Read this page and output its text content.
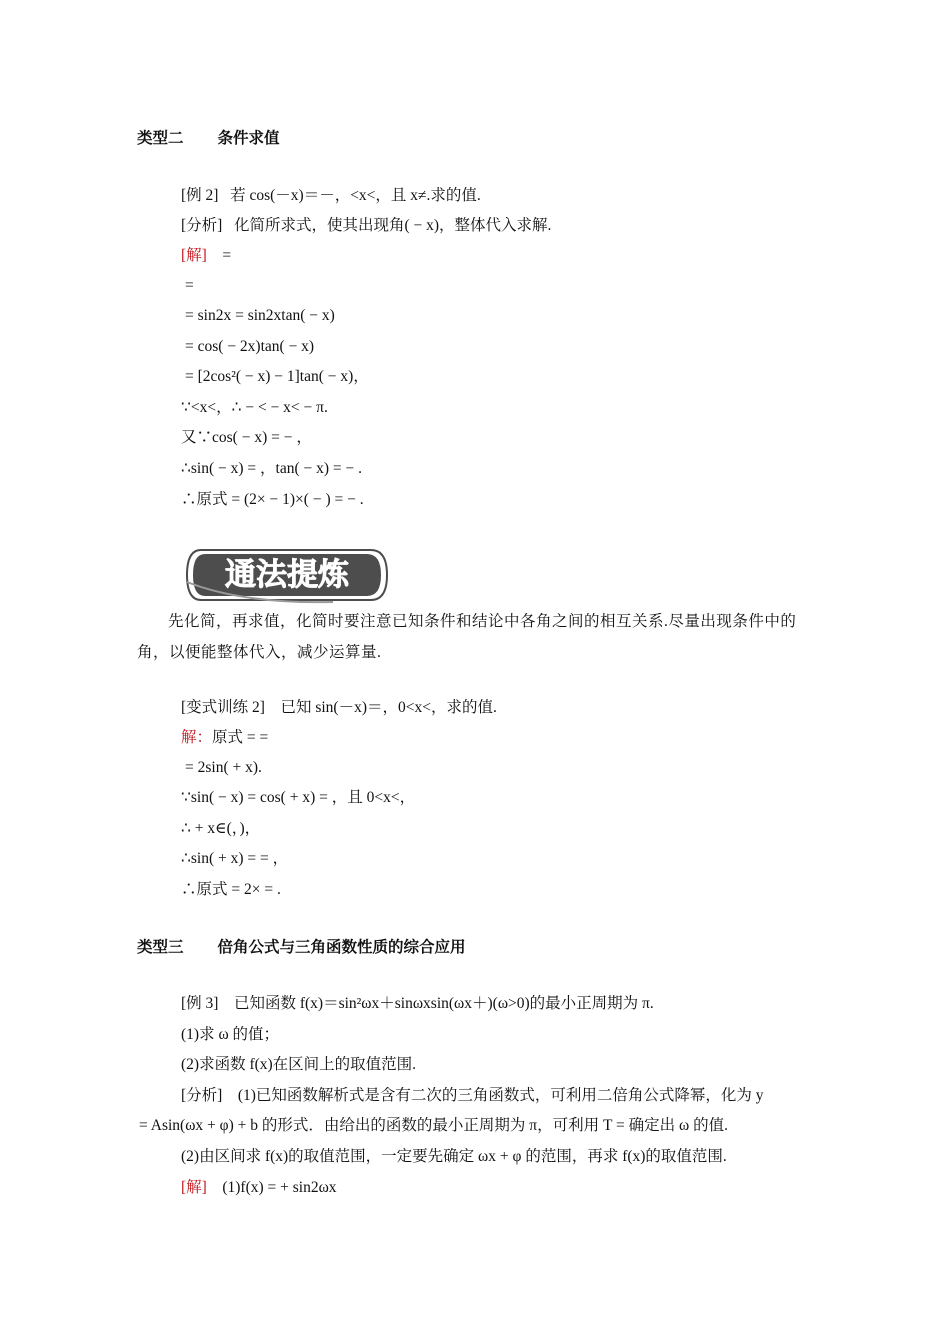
类型二 条件求值
[例 2] 若 cos(－x)＝－，<x<，且 x≠.求的值.
[分析] 化简所求式，使其出现角( − x)，整体代入求解.
[解] =
=
= sin2x = sin2xtan( − x)
= cos( − 2x)tan( − x)
= [2cos²( − x) − 1]tan( − x)，
∵<x<，∴ − < − x< − π.
又∵cos( − x) = − ，
∴sin( − x) = ，tan( − x) = − .
∴原式 = (2× − 1)×( − ) = − .
通法提炼
先化简，再求值，化简时要注意已知条件和结论中各角之间的相互关系.尽量出现条件中的角，以便能整体代入，减少运算量.
[变式训练 2] 已知 sin(－x)＝，0<x<，求的值.
解：原式 = =
= 2sin( + x).
∵sin( − x) = cos( + x) = ，且 0<x<，
∴ + x∈(，)，
∴sin( + x) = = ，
∴原式 = 2× = .
类型三 倍角公式与三角函数性质的综合应用
[例 3] 已知函数 f(x)＝sin²ωx＋sinωxsin(ωx＋)(ω>0)的最小正周期为 π.
(1)求 ω 的值；
(2)求函数 f(x)在区间上的取值范围.
[分析] (1)已知函数解析式是含有二次的三角函数式，可利用二倍角公式降幂，化为 y
= Asin(ωx + φ) + b 的形式．由给出的函数的最小正周期为 π，可利用 T = 确定出 ω 的值.
(2)由区间求 f(x)的取值范围，一定要先确定 ωx + φ 的范围，再求 f(x)的取值范围.
[解] (1)f(x) = + sin2ωx
